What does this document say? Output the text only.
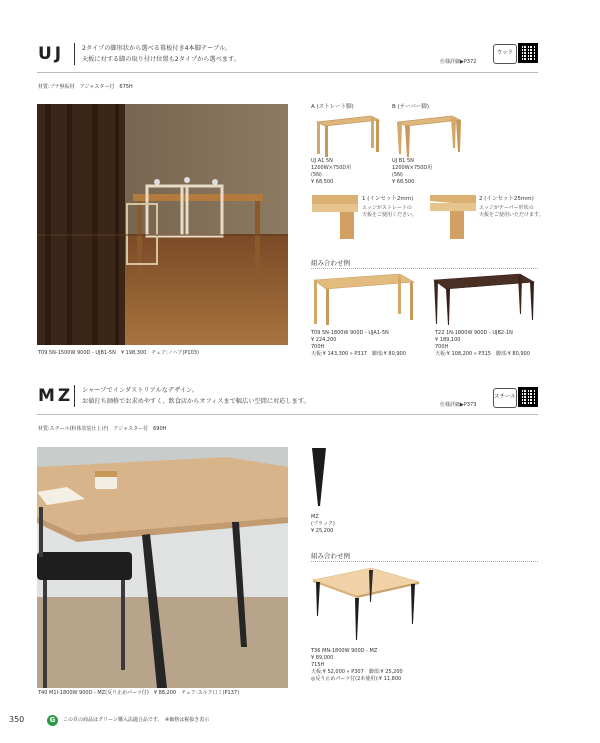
UJ	2タイプの脚形状から選べる幕板付き4本脚テーブル。
天板に対する脚の取り付け位置も2タイプから選べます。
ウッド
仕様詳細▶P372
材質:ブナ無垢材　アジャスター付　675H
T09 5N-1500W 900D - UJB1-5N　¥ 198,300　チェア:ノヘア(P103)
A (ストレート脚)
UJ A1 5N
1200W×750D用
(5N)
¥ 68,500
B (テーパー脚)
UJ B1 5N
1200W×750D用
(5N)
¥ 68,500
1 (インセット2mm)
エッジがストレートの
天板をご使用ください。
2 (インセット25mm)
エッジがテーパー形状の
天板をご使用いただけます。
組み合わせ例
T09 5N-1800W 900D - UJA1-5N
¥ 224,200
700H
天板:¥ 143,300 » P317　脚部:¥ 80,900
T22 1N-1800W 900D - UJB2-1N
¥ 189,100
700H
天板:¥ 108,200 » P315　脚部:¥ 80,900
MZ シャープでインダストリアルなデザイン。
お値打ち価格でお求めやすく、飲食店からオフィスまで幅広い空間に対応します。
スチール
仕様詳細▶P373
材質:スチール(粉体塗装仕上げ)　アジャスター付　690H
T40 M1I-1800W 900D - MZ(反り止めパーツ付)　¥ 88,200　チェア:スルク口ミ(P137)
MZ
(ブラック)
¥ 25,200
組み合わせ例
T36 MN-1800W 900D - MZ
¥ 89,000
715H
天板:¥ 52,000 » P307　脚部:¥ 25,200
◎反り止めパーツ付(2本使用):¥ 11,800
350	G	この頁の商品はグリーン購入法適合品です。　※価格は税抜き表示
